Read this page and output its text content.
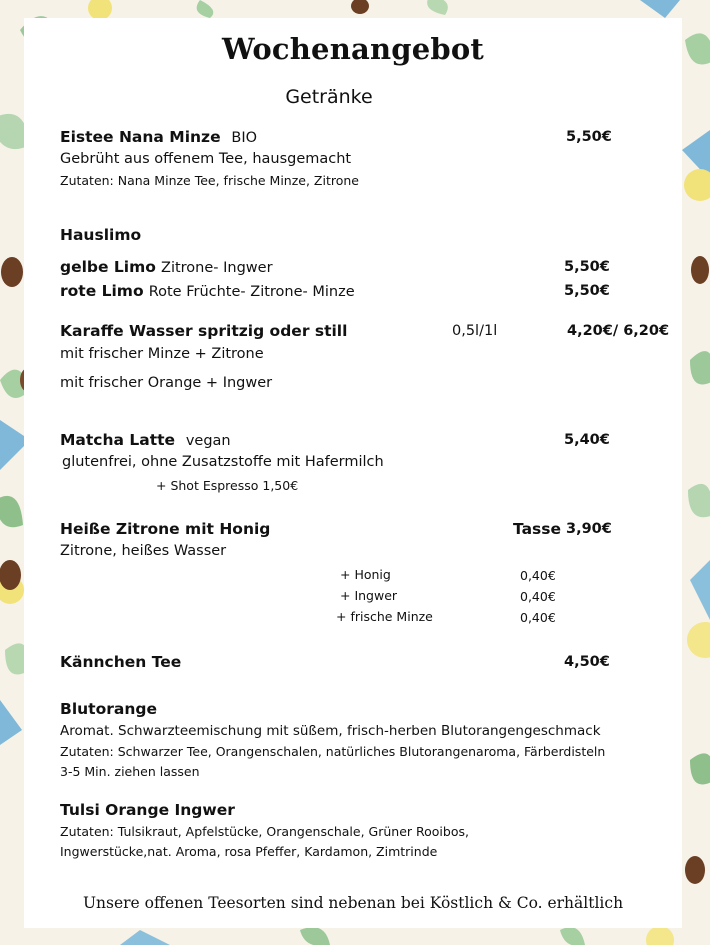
Wochenangebot
Getränke
Eistee Nana Minze BIO	5,50€
Gebrüht aus offenem Tee, hausgemacht
Zutaten: Nana Minze Tee, frische Minze, Zitrone
Hauslimo
gelbe Limo Zitrone- Ingwer	5,50€
rote Limo Rote Früchte- Zitrone- Minze	5,50€
Karaffe Wasser spritzig oder still	0,5l/1l	4,20€/ 6,20€
mit frischer Minze + Zitrone
mit frischer Orange + Ingwer
Matcha Latte vegan	5,40€
glutenfrei, ohne Zusatzstoffe mit Hafermilch
+ Shot Espresso 1,50€
Heiße Zitrone mit Honig	Tasse 3,90€
Zitrone, heißes Wasser
+ Honig	0,40€
+ Ingwer	0,40€
+ frische Minze	0,40€
Kännchen Tee	4,50€
Blutorange
Aromat. Schwarzteemischung mit süßem, frisch-herben Blutorangengeschmack
Zutaten: Schwarzer Tee, Orangenschalen, natürliches Blutorangenaroma, Färberdisteln
3-5 Min. ziehen lassen
Tulsi Orange Ingwer
Zutaten: Tulsikraut, Apfelstücke, Orangenschale, Grüner Rooibos,
Ingwerstücke,nat. Aroma, rosa Pfeffer, Kardamon, Zimtrinde
Unsere offenen Teesorten sind nebenan bei Köstlich & Co. erhältlich
